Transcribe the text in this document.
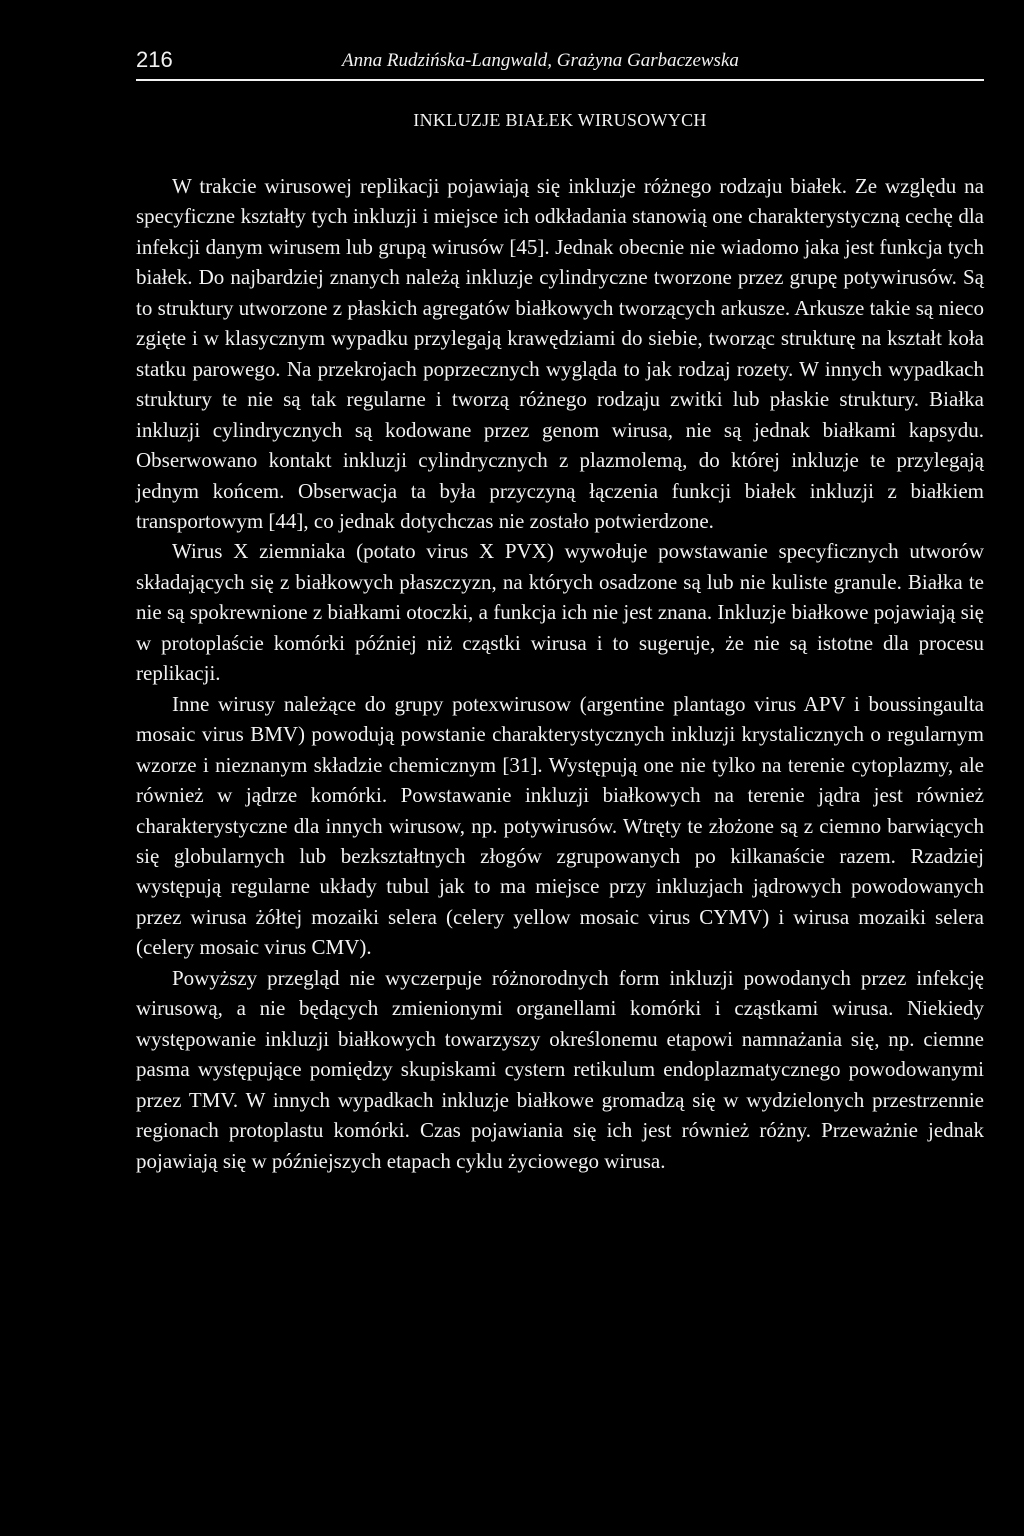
216	Anna Rudzińska-Langwald, Grażyna Garbaczewska
INKLUZJE BIAŁEK WIRUSOWYCH

W trakcie wirusowej replikacji pojawiają się inkluzje różnego rodzaju białek. Ze względu na specyficzne kształty tych inkluzji i miejsce ich odkładania stanowią one charakterystyczną cechę dla infekcji danym wirusem lub grupą wirusów [45]. Jednak obecnie nie wiadomo jaka jest funkcja tych białek. Do najbardziej znanych należą inkluzje cylindryczne tworzone przez grupę potywirusów. Są to struktury utworzone z płaskich agregatów białkowych tworzących arkusze. Arkusze takie są nieco zgięte i w klasycznym wypadku przylegają krawędziami do siebie, tworząc strukturę na kształt koła statku parowego. Na przekrojach poprzecznych wygląda to jak rodzaj rozety. W innych wypadkach struktury te nie są tak regularne i tworzą różnego rodzaju zwitki lub płaskie struktury. Białka inkluzji cylindrycznych są kodowane przez genom wirusa, nie są jednak białkami kapsydu. Obserwowano kontakt inkluzji cylindrycznych z plazmolemą, do której inkluzje te przylegają jednym końcem. Obserwacja ta była przyczyną łączenia funkcji białek inkluzji z białkiem transportowym [44], co jednak dotychczas nie zostało potwierdzone.

Wirus X ziemniaka (potato virus X PVX) wywołuje powstawanie specyficznych utworów składających się z białkowych płaszczyzn, na których osadzone są lub nie kuliste granule. Białka te nie są spokrewnione z białkami otoczki, a funkcja ich nie jest znana. Inkluzje białkowe pojawiają się w protoplaście komórki później niż cząstki wirusa i to sugeruje, że nie są istotne dla procesu replikacji.

Inne wirusy należące do grupy potexwirusow (argentine plantago virus APV i boussingaulta mosaic virus BMV) powodują powstanie charakterystycznych inkluzji krystalicznych o regularnym wzorze i nieznanym składzie chemicznym [31]. Występują one nie tylko na terenie cytoplazmy, ale również w jądrze komórki. Powstawanie inkluzji białkowych na terenie jądra jest również charakterystyczne dla innych wirusow, np. potywirusów. Wtręty te złożone są z ciemno barwiących się globularnych lub bezkształtnych złogów zgrupowanych po kilkanaście razem. Rzadziej występują regularne układy tubul jak to ma miejsce przy inkluzjach jądrowych powodowanych przez wirusa żółtej mozaiki selera (celery yellow mosaic virus CYMV) i wirusa mozaiki selera (celery mosaic virus CMV).

Powyższy przegląd nie wyczerpuje różnorodnych form inkluzji powodanych przez infekcję wirusową, a nie będących zmienionymi organellami komórki i cząstkami wirusa. Niekiedy występowanie inkluzji białkowych towarzyszy określonemu etapowi namnażania się, np. ciemne pasma występujące pomiędzy skupiskami cystern retikulum endoplazmatycznego powodowanymi przez TMV. W innych wypadkach inkluzje białkowe gromadzą się w wydzielonych przestrzennie regionach protoplastu komórki. Czas pojawiania się ich jest również różny. Przeważnie jednak pojawiają się w późniejszych etapach cyklu życiowego wirusa.
